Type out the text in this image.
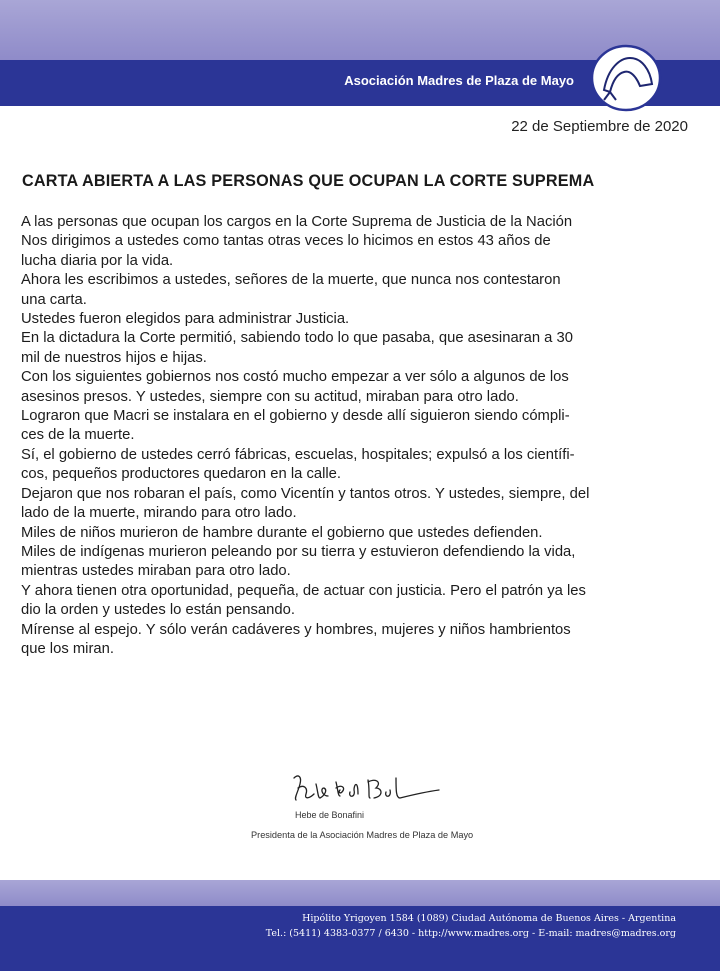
Asociación Madres de Plaza de Mayo
22 de Septiembre de 2020
CARTA ABIERTA A LAS PERSONAS QUE OCUPAN LA CORTE SUPREMA

A las personas que ocupan los cargos en la Corte Suprema de Justicia de la Nación

Nos dirigimos a ustedes como tantas otras veces lo hicimos en estos 43 años de

lucha diaria por la vida.

Ahora les escribimos a ustedes, señores de la muerte, que nunca nos contestaron

una carta.

Ustedes fueron elegidos para administrar Justicia.

En la dictadura la Corte permitió, sabiendo todo lo que pasaba, que asesinaran a 30

mil de nuestros hijos e hijas.

Con los siguientes gobiernos nos costó mucho empezar a ver sólo a algunos de los

asesinos presos. Y ustedes, siempre con su actitud, miraban para otro lado.

Lograron que Macri se instalara en el gobierno y desde allí siguieron siendo cómpli-

ces de la muerte.

Sí, el gobierno de ustedes cerró fábricas, escuelas, hospitales; expulsó a los científi-

cos, pequeños productores quedaron en la calle.

Dejaron que nos robaran el país, como Vicentín y tantos otros. Y ustedes, siempre, del

lado de la muerte, mirando para otro lado.

Miles de niños murieron de hambre durante el gobierno que ustedes defienden.

Miles de indígenas murieron peleando por su tierra y estuvieron defendiendo la vida,

mientras ustedes miraban para otro lado.

Y ahora tienen otra oportunidad, pequeña, de actuar con justicia. Pero el patrón ya les

dio la orden y ustedes lo están pensando.

Mírense al espejo. Y sólo verán cadáveres y hombres, mujeres y niños hambrientos

que los miran.

Hebe de Bonafini
Presidenta de la Asociación Madres de Plaza de Mayo
Hipólito Yrigoyen 1584 (1089) Ciudad Autónoma de Buenos Aires - Argentina
Tel.: (5411) 4383-0377 / 6430 - http://www.madres.org - E-mail: madres@madres.org
